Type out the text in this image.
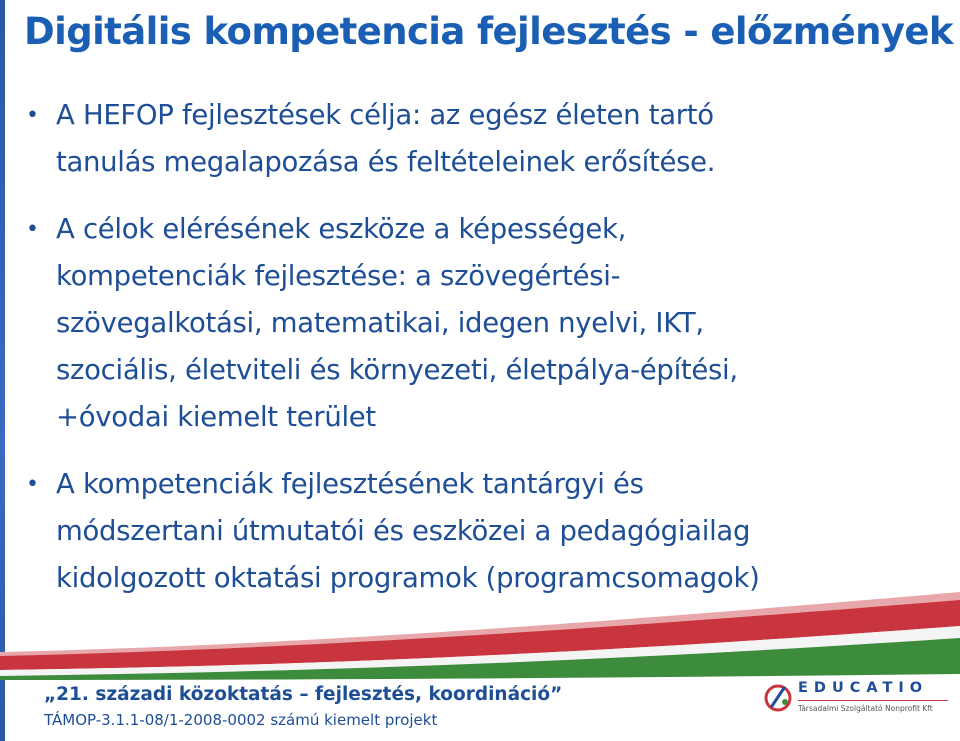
Digitális kompetencia fejlesztés - előzmények
• A HEFOP fejlesztések célja: az egész életen tartó
tanulás megalapozása és feltételeinek erősítése.
• A célok elérésének eszköze a képességek,
kompetenciák fejlesztése: a szövegértési-
szövegalkotási, matematikai, idegen nyelvi, IKT,
szociális, életviteli és környezeti, életpálya-építési,
+óvodai kiemelt terület
• A kompetenciák fejlesztésének tantárgyi és
módszertani útmutatói és eszközei a pedagógiailag
kidolgozott oktatási programok (programcsomagok)
„21. századi közoktatás – fejlesztés, koordináció”
TÁMOP-3.1.1-08/1-2008-0002 számú kiemelt projekt
EDUCATIO
Társadalmi Szolgáltató Nonprofit Kft
